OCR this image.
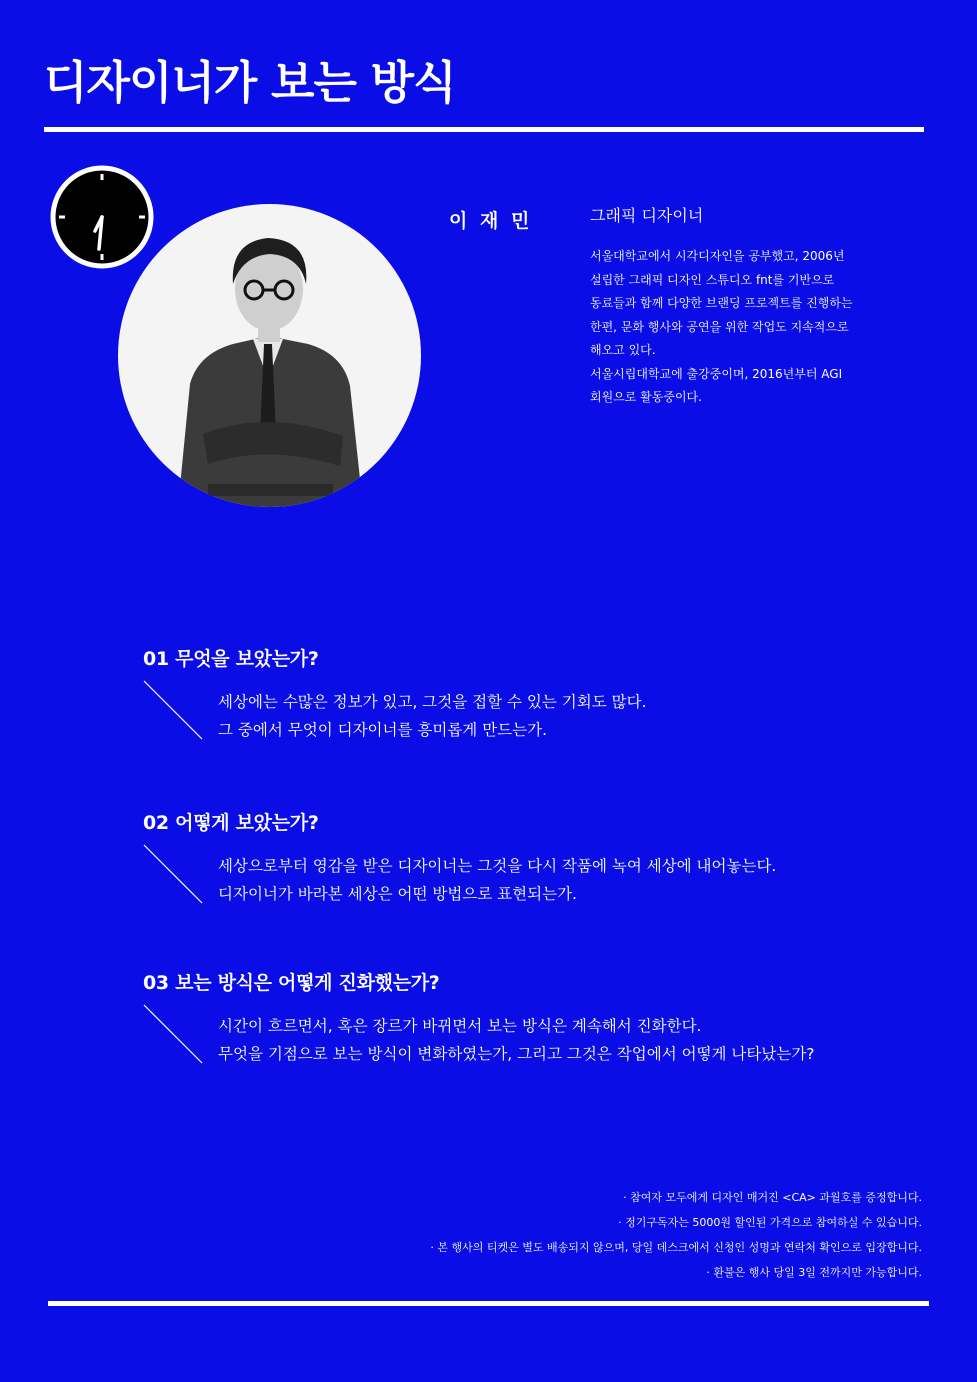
디자이너가 보는 방식
이 재 민	그래픽 디자이너

서울대학교에서 시각디자인을 공부했고, 2006년

설립한 그래픽 디자인 스튜디오 fnt를 기반으로

동료들과 함께 다양한 브랜딩 프로젝트를 진행하는

한편, 문화 행사와 공연을 위한 작업도 지속적으로

해오고 있다.

서울시립대학교에 출강중이며, 2016년부터 AGI

회원으로 활동중이다.

01 무엇을 보았는가?

세상에는 수많은 정보가 있고, 그것을 접할 수 있는 기회도 많다.

그 중에서 무엇이 디자이너를 흥미롭게 만드는가.

02 어떻게 보았는가?

세상으로부터 영감을 받은 디자이너는 그것을 다시 작품에 녹여 세상에 내어놓는다.

디자이너가 바라본 세상은 어떤 방법으로 표현되는가.

03 보는 방식은 어떻게 진화했는가?

시간이 흐르면서, 혹은 장르가 바뀌면서 보는 방식은 계속해서 진화한다.

무엇을 기점으로 보는 방식이 변화하였는가, 그리고 그것은 작업에서 어떻게 나타났는가?

· 참여자 모두에게 디자인 매거진 <CA> 과월호를 증정합니다.

· 정기구독자는 5000원 할인된 가격으로 참여하실 수 있습니다.

· 본 행사의 티켓은 별도 배송되지 않으며, 당일 데스크에서 신청인 성명과 연락처 확인으로 입장합니다.

· 환불은 행사 당일 3일 전까지만 가능합니다.
